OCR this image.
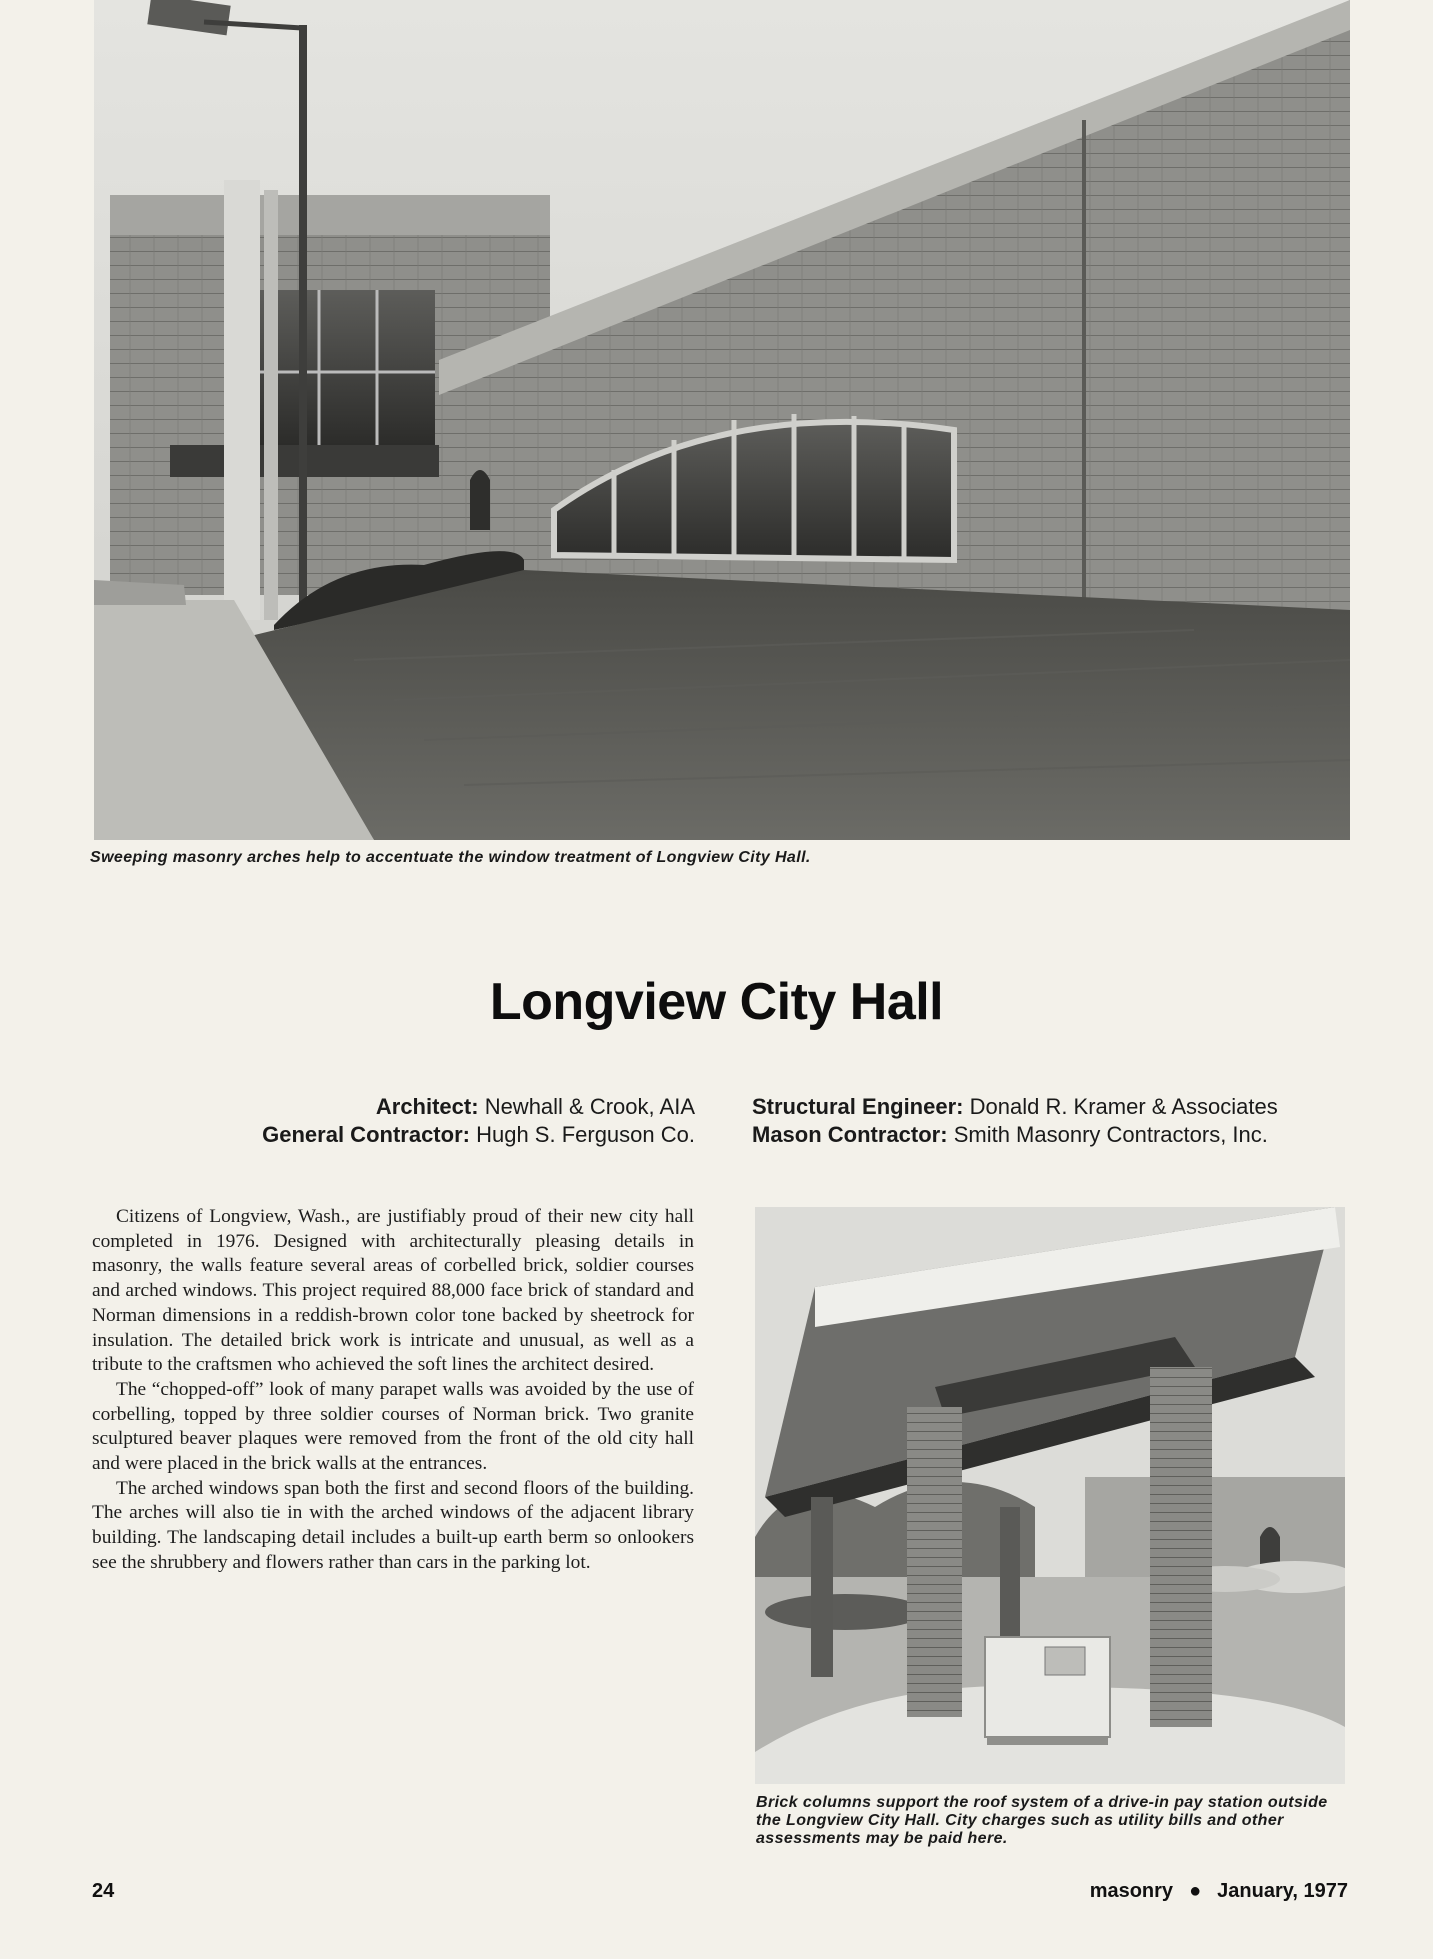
Sweeping masonry arches help to accentuate the window treatment of Longview City Hall.
Longview City Hall
Architect: Newhall & Crook, AIA
General Contractor: Hugh S. Ferguson Co.
Structural Engineer: Donald R. Kramer & Associates
Mason Contractor: Smith Masonry Contractors, Inc.

Citizens of Longview, Wash., are justifiably proud of their new city hall completed in 1976. Designed with architecturally pleasing details in masonry, the walls feature several areas of corbelled brick, soldier courses and arched windows. This project required 88,000 face brick of standard and Norman dimensions in a reddish-brown color tone backed by sheetrock for insulation. The detailed brick work is intricate and unusual, as well as a tribute to the craftsmen who achieved the soft lines the architect desired.

The “chopped-off” look of many parapet walls was avoided by the use of corbelling, topped by three soldier courses of Norman brick. Two granite sculptured beaver plaques were removed from the front of the old city hall and were placed in the brick walls at the entrances.

The arched windows span both the first and second floors of the building. The arches will also tie in with the arched windows of the adjacent library building. The landscaping detail includes a built-up earth berm so onlookers see the shrubbery and flowers rather than cars in the parking lot.

Brick columns support the roof system of a drive-in pay station outside the Longview City Hall. City charges such as utility bills and other assessments may be paid here.
24	masonry ● January, 1977
